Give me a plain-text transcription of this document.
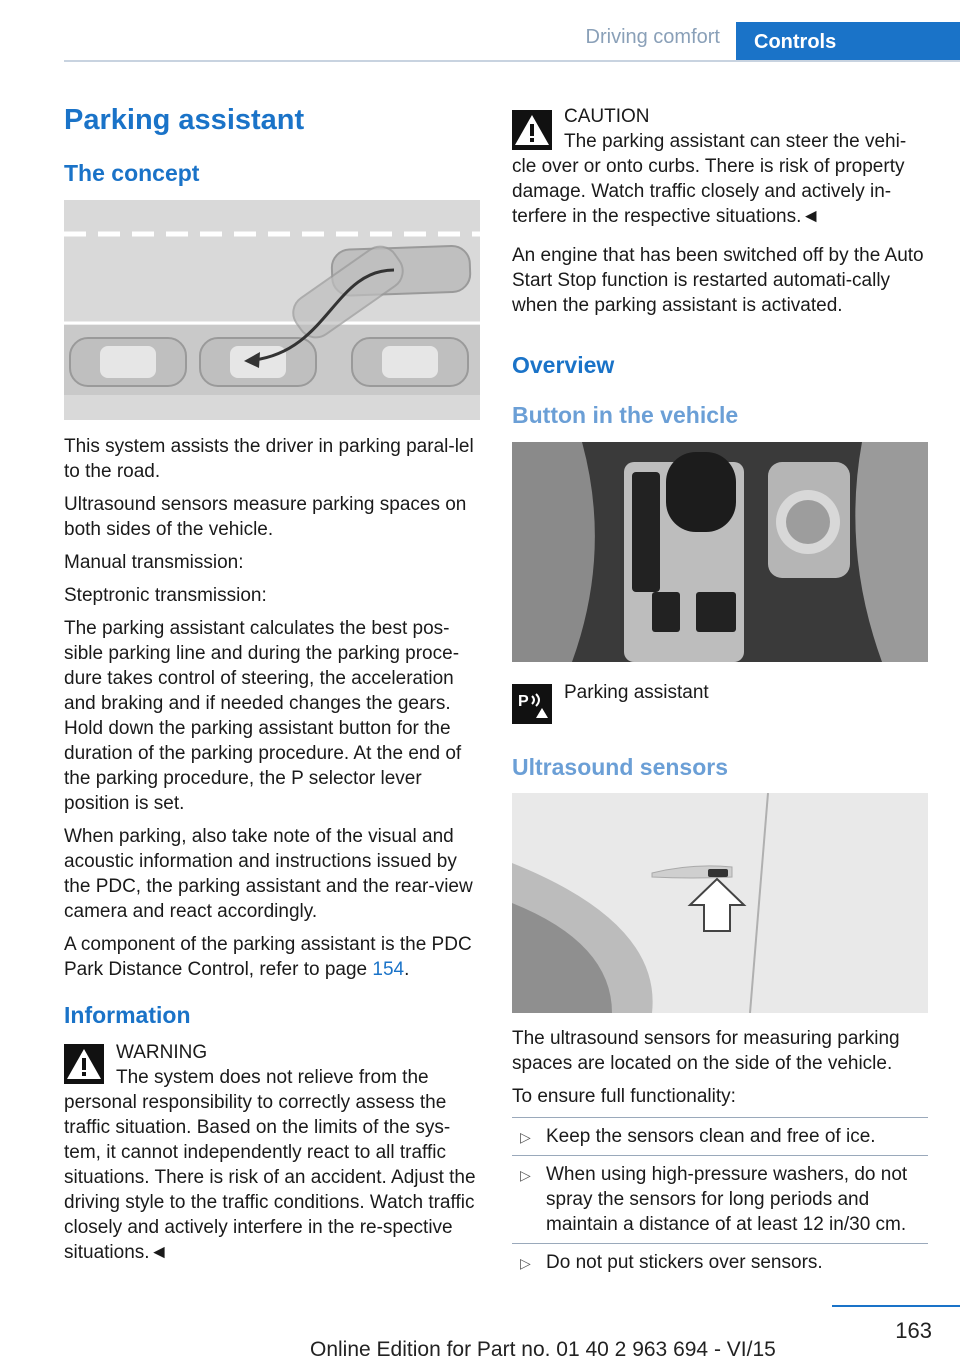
Driving comfort Controls
Parking assistant
The concept

This system assists the driver in parking paral‐lel to the road.

Ultrasound sensors measure parking spaces on both sides of the vehicle.

Manual transmission:

Steptronic transmission:

The parking assistant calculates the best pos‐sible parking line and during the parking proce‐dure takes control of steering, the acceleration and braking and if needed changes the gears. Hold down the parking assistant button for the duration of the parking procedure. At the end of the parking procedure, the P selector lever position is set.

When parking, also take note of the visual and acoustic information and instructions issued by the PDC, the parking assistant and the rear‐view camera and react accordingly.

A component of the parking assistant is the PDC Park Distance Control, refer to page 154.

Information
WARNING
The system does not relieve from the personal responsibility to correctly assess the traffic situation. Based on the limits of the sys‐tem, it cannot independently react to all traffic situations. There is risk of an accident. Adjust the driving style to the traffic conditions. Watch traffic closely and actively interfere in the re‐spective situations.◄
CAUTION
The parking assistant can steer the vehi‐cle over or onto curbs. There is risk of property damage. Watch traffic closely and actively in‐terfere in the respective situations.◄

An engine that has been switched off by the Auto Start Stop function is restarted automati‐cally when the parking assistant is activated.

Overview
Button in the vehicle
P Parking assistant
Ultrasound sensors

The ultrasound sensors for measuring parking spaces are located on the side of the vehicle.

To ensure full functionality:

▷ Keep the sensors clean and free of ice.
▷ When using high-pressure washers, do not spray the sensors for long periods and maintain a distance of at least 12 in/30 cm.
▷ Do not put stickers over sensors.
163
Online Edition for Part no. 01 40 2 963 694 - VI/15
